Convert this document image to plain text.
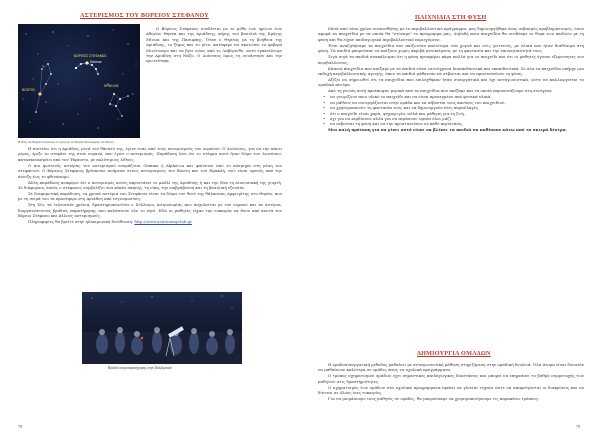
ΑΣΤΕΡΙΣΜΟΣ ΤΟΥ ΒΟΡΕΙΟΥ ΣΤΕΦΑΝΟΥ
ΒΟΡΕΙΟΣ ΣΤΕΦΑΝΟΣ
Gemma
ΒΟΩΤΗΣ
ΗΡΑΚΛΗΣ
Η θέση του Βορείου Στεφάνου σε σχέση με τα Μεγάλα Αστερισμούς του Βοώτη

Ο Βόρειος Στέφανος συνδέεται με το μύθο των ηρώων των Αθηνών Θησέα και της Αριάδνης, κόρης του βασιλιά της Κρήτης Μίνωα και της Πασιφάης. Όταν ο Θησέας με τη βοήθεια της Αριάδνης, το ξίφος και το μίτο, κατάφερε να σκοτώσει το φοβερό Μινώταυρο και να βγει σώος από το Λαβύρινθο, αυτό εγκατέλειψε την Αριάδνη στη Νάξο. Ο Διόνυσος όμως τη συνάντησε και την ερωτεύτηκε.

Η πιστεύω ότι η Αριάδνη, μετά τον θάνατό της, έγινε ένας από τους αστερισμούς του ουρανού. Ο Διόνυσος, για να την κάνει μέρος, έριξε το στεφάνι της στον ουρανό, που έγινε ο αστερισμός. Παράδοση λέει ότι το στέμμα αυτό ήταν δώρο του Διονύσου, κατασκευασμένο από τον Ήφαιστο, με πολύτιμους λίθους.

Ο πιο φωτεινός αστέρας του αστερισμού ονομάζεται Gemma ή Alphecca και φαίνεται σαν το κόσμημα στη μέση του στεφανιού. Ο Βόρειος Στέφανος βρίσκεται ανάμεσα στους αστερισμούς του Βοώτη και του Ηρακλή, ενώ είναι ορατός από την άνοιξη έως το φθινόπωρο.

Άλλη παράδοση αναφέρει ότι ο αστερισμός αυτός παριστάνει το μαλλί της Αριάδνης ή και την ίδια τη Διονυσιακή της γιορτή. Σε διάφορους λαούς ο στέφανος συμβολίζει ένα κύκλο σκηνής, τη νίκη, την επιβράβευση και τη βασιλική εξουσία.

Σε διαφορετική παράδοση, τα χρυσά αστέρια του Στεφάνου είναι τα δώρα του θεού της θάλασσας Αμφιτρίτης στο Θησέα, που με τη σειρά του τα προσέφερε στη Αριάδνη από ευγνωμοσύνη.

Στη Χίο, τα τελευταία χρόνια, δραστηριοποιείται ο Σύλλογος Αστρονομίας που ασχολείται με τον ουρανό και τα αστέρια, διοργανώνοντας βραδιές παρατήρησης που καλύπτουν όλο το νησί. Εδώ οι μαθητές είχαν την ευκαιρία να δουν από κοντά τον Βόρειο Στέφανο και άλλους αστερισμούς.

Πληροφορίες θα βρείτε στην ηλεκτρονική διεύθυνση: http://www.astronomyclub.gr

Βραδιά αστροπαρατήρησης στην Καλλιμασιά
78
ΠΑΙΧΝΙΔΙΑ ΣΤΗ ΦΥΣΗ

Μετά από τόσο χρόνο συναισθήσης με το περιβαλλοντικό πρόγραμμα, μας δημιουργήθηκε ένας σεβασμός προβληματισμός, όσον αφορά τα παιχνίδια με τα οποία θα "ντύναμε" το πρόγραμμα μας. Δηλαδή ποια παιχνίδια θα συνδέαμε το θέμα των παιδιών με τη φύση και θα είχαν παιδαγωγικό περιβαλλοντικό περιεχόμενο.

Έτσι αναζητήσαμε τα παιχνίδια που παίζονταν παλιότερα στα χωριά και στις γειτονιές, με υλικά που ήταν διαθέσιμα στη φύση. Τα παιδιά μπορούσαν να παίξουν χωρίς ακριβά αντικείμενα, με τη φαντασία και την επινοητικότητά τους.

Σιγά σιγά τα παιδιά ανακάλυψαν ότι η φύση προσφέρει πάρα πολλά για το παιχνίδι και ότι οι μαθητές έγιναν εξερευνητές του περιβάλλοντος.

Κάποια παιχνίδια που παίξαμε με τα παιδιά είναι ταυτόχρονα διασκεδαστικά και εκπαιδευτικά. Σε όλα τα παιχνίδια υπήρχε μια εκδοχή περιβαλλοντικής αγωγής, όπου τα παιδιά μάθαιναν να σέβονται και να προστατεύουν τη φύση.

Αξίζει να σημειωθεί ότι τα παιχνίδια που επιλέχθηκαν ήταν συνεργατικά και όχι ανταγωνιστικά, ώστε να καλλιεργείται το ομαδικό πνεύμα.

Από τη γνώση αυτή προέκυψαν μερικά από τα παιχνίδια που παίξαμε και τα οποία παρουσιάζουμε στη συνέχεια:

• να γνωρίζουν ποιο υλικό το παιχνίδι και να είναι προσεγμένο από φυσικά υλικά,
• να μάθουν να συνεργάζονται στην ομάδα και να σέβονται τους κανόνες του παιχνιδιού,
• να χρησιμοποιούν τη φαντασία τους και να δημιουργούν νέες παραλλαγές,
• ότι ο παιχνίδι είναι χαρά, ψυχαγωγία, αλλά και μάθηση για τη ζωή,
• όχι για να κερδίσουν αλλά για να περάσουν ωραία όλοι μαζί,
• να σέβονται τη φύση και να την προστατεύουν σε κάθε περίσταση.

Μια καλή πρόταση για να γίνει αυτό είναι να βλέπει τα παιδιά να καθίσουν κάτω από τα σκιερά δέντρα.

ΔΗΜΙΟΥΡΓΙΑ ΟΜΑΔΩΝ

Η ομαδοσυνεργατική μέθοδος μαθαίνει με ανταγωνιστική μάθηση στηριζόμενη στην ομαδική δουλειά. Όλα άτομα είναι δυνατόν να μαθαίνουν καλύτερα σε ομάδες όπως τα σχολικά προγράμματα.

Ο τρόπος σχηματισμού ομάδων έχει σημαντικές παιδαγωγικές διαστάσεις και μπορεί να επηρεάσει το βαθμό συμμετοχής των μαθητών στις δραστηριότητες.

Ο σχηματισμός των ομάδων στα σχολικά προγράμματα πρέπει να γίνεται τυχαία ώστε να αποφεύγονται οι διακρίσεις και να δίνεται σε όλους ίσες ευκαιρίες.

Για να μοιράσουμε τους μαθητές σε ομάδες, θα μπορούσαμε να χρησιμοποιήσουμε τις παρακάτω τρόπους:

79
